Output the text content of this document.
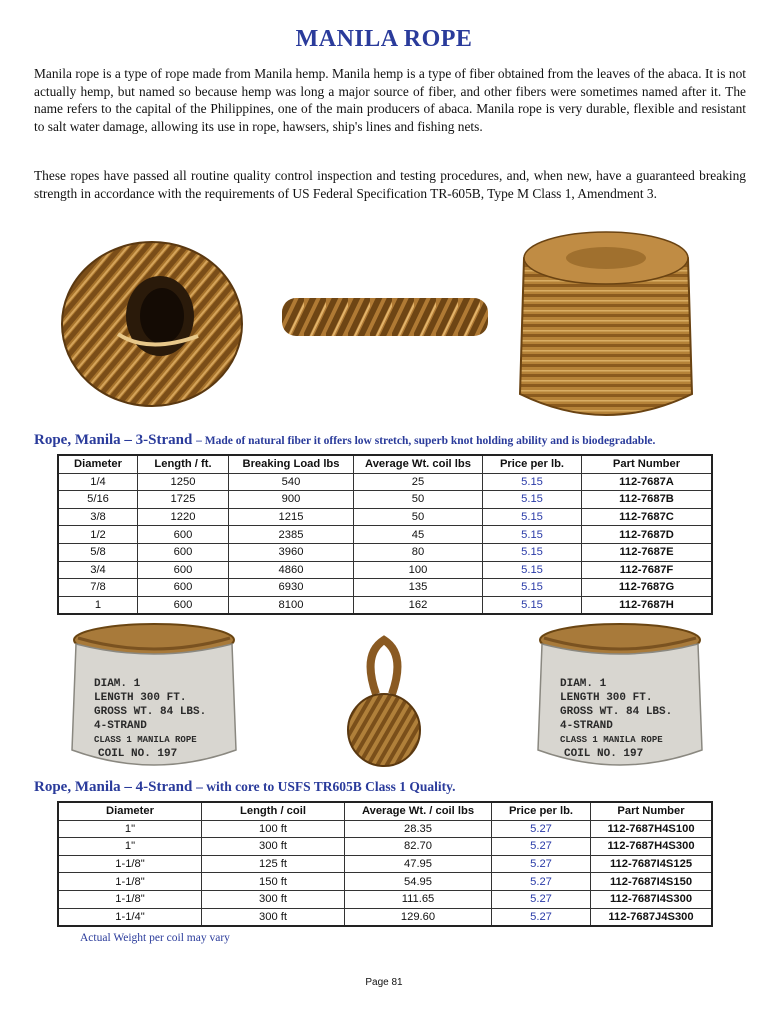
MANILA ROPE
Manila rope is a type of rope made from Manila hemp. Manila hemp is a type of fiber obtained from the leaves of the abaca. It is not actually hemp, but named so because hemp was long a major source of fiber, and other fibers were sometimes named after it. The name refers to the capital of the Philippines, one of the main producers of abaca. Manila rope is very durable, flexible and resistant to salt water damage, allowing its use in rope, hawsers, ship's lines and fishing nets.
These ropes have passed all routine quality control inspection and testing procedures, and, when new, have a guaranteed breaking strength in accordance with the requirements of US Federal Specification TR-605B, Type M Class 1, Amendment 3.
Rope, Manila – 3-Strand – Made of natural fiber it offers low stretch, superb knot holding ability and is biodegradable.
Diameter	Length / ft.	Breaking Load lbs	Average Wt. coil lbs	Price per lb.	Part Number
1/4	1250	540	25	5.15	112-7687A
5/16	1725	900	50	5.15	112-7687B
3/8	1220	1215	50	5.15	112-7687C
1/2	600	2385	45	5.15	112-7687D
5/8	600	3960	80	5.15	112-7687E
3/4	600	4860	100	5.15	112-7687F
7/8	600	6930	135	5.15	112-7687G
1	600	8100	162	5.15	112-7687H
DIAM. 1
LENGTH 300 FT.
GROSS WT. 84 LBS.
4-STRAND
CLASS 1 MANILA ROPE
COIL NO. 197
DIAM. 1
LENGTH 300 FT.
GROSS WT. 84 LBS.
4-STRAND
CLASS 1 MANILA ROPE
COIL NO. 197
Rope, Manila – 4-Strand – with core to USFS TR605B Class 1 Quality.
Diameter	Length / coil	Average Wt. / coil lbs	Price per lb.	Part Number
1"	100 ft	28.35	5.27	112-7687H4S100
1"	300 ft	82.70	5.27	112-7687H4S300
1-1/8"	125 ft	47.95	5.27	112-7687I4S125
1-1/8"	150 ft	54.95	5.27	112-7687I4S150
1-1/8"	300 ft	111.65	5.27	112-7687I4S300
1-1/4"	300 ft	129.60	5.27	112-7687J4S300
Actual Weight per coil may vary
Page 81
